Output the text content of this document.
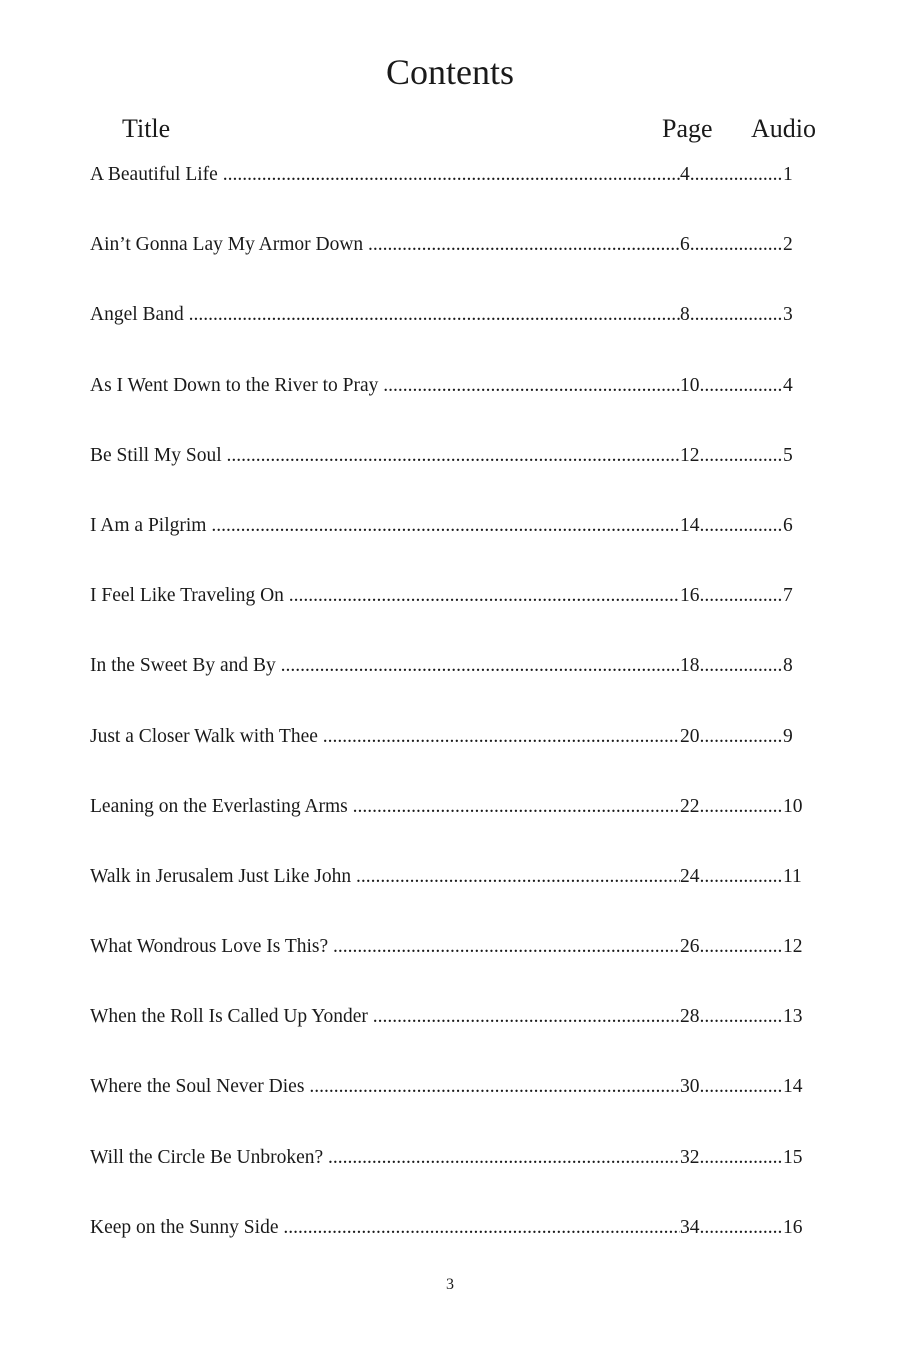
Contents
Title	Page Audio
A Beautiful Life .....	4 .....	1
Ain’t Gonna Lay My Armor Down .....	6 .....	2
Angel Band .....	8 .....	3
As I Went Down to the River to Pray .....	10 .....	4
Be Still My Soul .....	12 .....	5
I Am a Pilgrim .....	14 .....	6
I Feel Like Traveling On .....	16 .....	7
In the Sweet By and By .....	18 .....	8
Just a Closer Walk with Thee .....	20 .....	9
Leaning on the Everlasting Arms .....	22 .....	10
Walk in Jerusalem Just Like John .....	24 .....	11
What Wondrous Love Is This? .....	26 .....	12
When the Roll Is Called Up Yonder .....	28 .....	13
Where the Soul Never Dies .....	30 .....	14
Will the Circle Be Unbroken? .....	32 .....	15
Keep on the Sunny Side .....	34 .....	16
3
